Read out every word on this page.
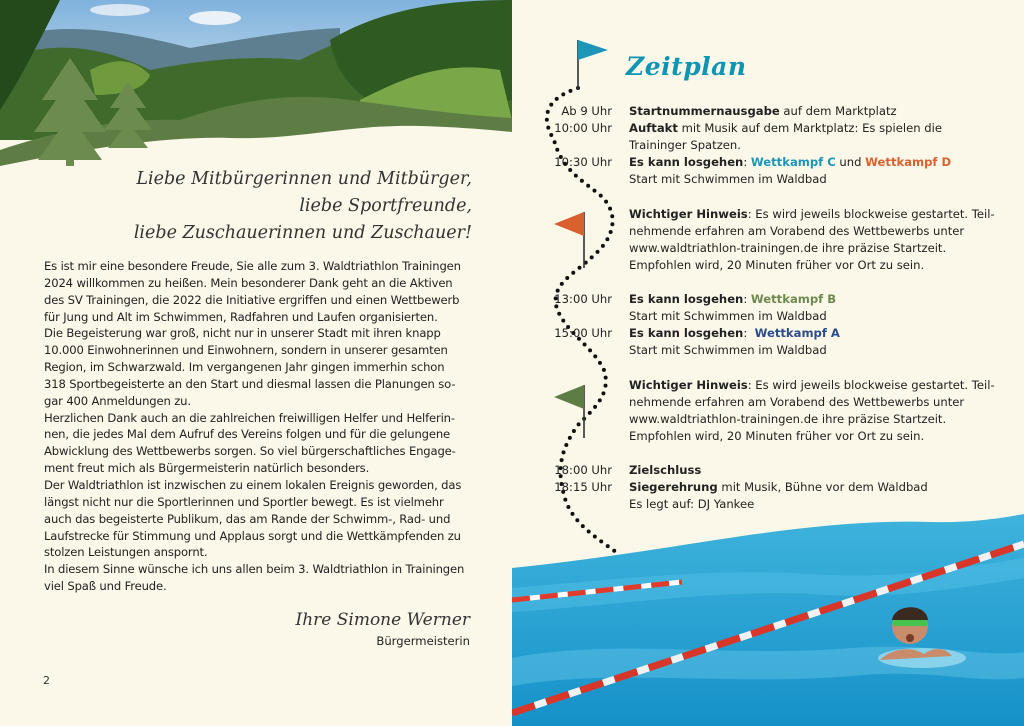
Liebe Mitbürgerinnen und Mitbürger,
liebe Sportfreunde,
liebe Zuschauerinnen und Zuschauer!

Es ist mir eine besondere Freude, Sie alle zum 3. Waldtriathlon Trainingen

2024 willkommen zu heißen. Mein besonderer Dank geht an die Aktiven

des SV Trainingen, die 2022 die Initiative ergriffen und einen Wettbewerb

für Jung und Alt im Schwimmen, Radfahren und Laufen organisierten.

Die Begeisterung war groß, nicht nur in unserer Stadt mit ihren knapp

10.000 Einwohnerinnen und Einwohnern, sondern in unserer gesamten

Region, im Schwarzwald. Im vergangenen Jahr gingen immerhin schon

318 Sportbegeisterte an den Start und diesmal lassen die Planungen so-

gar 400 Anmeldungen zu.

Herzlichen Dank auch an die zahlreichen freiwilligen Helfer und Helferin-

nen, die jedes Mal dem Aufruf des Vereins folgen und für die gelungene

Abwicklung des Wettbewerbs sorgen. So viel bürgerschaftliches Engage-

ment freut mich als Bürgermeisterin natürlich besonders.

Der Waldtriathlon ist inzwischen zu einem lokalen Ereignis geworden, das

längst nicht nur die Sportlerinnen und Sportler bewegt. Es ist vielmehr

auch das begeisterte Publikum, das am Rande der Schwimm-, Rad- und

Laufstrecke für Stimmung und Applaus sorgt und die Wettkämpfenden zu

stolzen Leistungen anspornt.

In diesem Sinne wünsche ich uns allen beim 3. Waldtriathlon in Trainingen

viel Spaß und Freude.

Ihre Simone Werner
Bürgermeisterin
2
Zeitplan
Ab 9 Uhr Startnummernausgabe auf dem Marktplatz
10:00 Uhr Auftakt mit Musik auf dem Marktplatz: Es spielen die
Traininger Spatzen.
10:30 Uhr Es kann losgehen: Wettkampf C und Wettkampf D
Start mit Schwimmen im Waldbad
Wichtiger Hinweis: Es wird jeweils blockweise gestartet. Teil-
nehmende erfahren am Vorabend des Wettbewerbs unter
www.waldtriathlon-trainingen.de ihre präzise Startzeit.
Empfohlen wird, 20 Minuten früher vor Ort zu sein.
13:00 Uhr Es kann losgehen: Wettkampf B
Start mit Schwimmen im Waldbad
15:00 Uhr Es kann losgehen:  Wettkampf A
Start mit Schwimmen im Waldbad
Wichtiger Hinweis: Es wird jeweils blockweise gestartet. Teil-
nehmende erfahren am Vorabend des Wettbewerbs unter
www.waldtriathlon-trainingen.de ihre präzise Startzeit.
Empfohlen wird, 20 Minuten früher vor Ort zu sein.
18:00 Uhr Zielschluss
18:15 Uhr Siegerehrung mit Musik, Bühne vor dem Waldbad
Es legt auf: DJ Yankee
